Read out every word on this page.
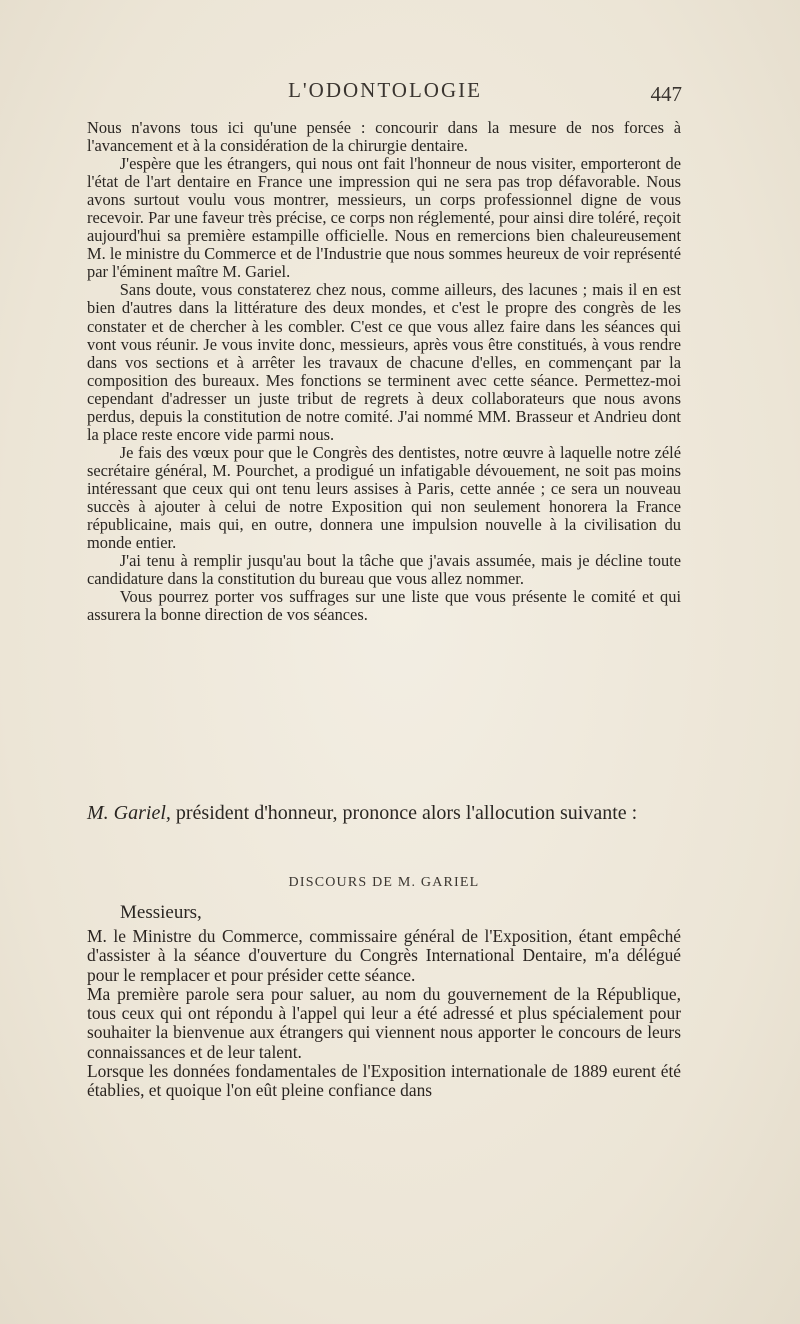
L'ODONTOLOGIE	447

Nous n'avons tous ici qu'une pensée : concourir dans la mesure de nos forces à l'avancement et à la considération de la chirurgie dentaire.

J'espère que les étrangers, qui nous ont fait l'honneur de nous visiter, emporteront de l'état de l'art dentaire en France une impression qui ne sera pas trop défavorable. Nous avons surtout voulu vous montrer, messieurs, un corps professionnel digne de vous recevoir. Par une faveur très précise, ce corps non réglementé, pour ainsi dire toléré, reçoit aujourd'hui sa première estampille officielle. Nous en remercions bien chaleureusement M. le ministre du Commerce et de l'Industrie que nous sommes heureux de voir représenté par l'éminent maître M. Gariel.

Sans doute, vous constaterez chez nous, comme ailleurs, des lacunes ; mais il en est bien d'autres dans la littérature des deux mondes, et c'est le propre des congrès de les constater et de chercher à les combler. C'est ce que vous allez faire dans les séances qui vont vous réunir. Je vous invite donc, messieurs, après vous être constitués, à vous rendre dans vos sections et à arrêter les travaux de chacune d'elles, en commençant par la composition des bureaux. Mes fonctions se terminent avec cette séance. Permettez-moi cependant d'adresser un juste tribut de regrets à deux collaborateurs que nous avons perdus, depuis la constitution de notre comité. J'ai nommé MM. Brasseur et Andrieu dont la place reste encore vide parmi nous.

Je fais des vœux pour que le Congrès des dentistes, notre œuvre à laquelle notre zélé secrétaire général, M. Pourchet, a prodigué un infatigable dévouement, ne soit pas moins intéressant que ceux qui ont tenu leurs assises à Paris, cette année ; ce sera un nouveau succès à ajouter à celui de notre Exposition qui non seulement honorera la France républicaine, mais qui, en outre, donnera une impulsion nouvelle à la civilisation du monde entier.

J'ai tenu à remplir jusqu'au bout la tâche que j'avais assumée, mais je décline toute candidature dans la constitution du bureau que vous allez nommer.

Vous pourrez porter vos suffrages sur une liste que vous présente le comité et qui assurera la bonne direction de vos séances.

M. Gariel, président d'honneur, prononce alors l'allocution suivante :

DISCOURS DE M. GARIEL
Messieurs,

M. le Ministre du Commerce, commissaire général de l'Exposition, étant empêché d'assister à la séance d'ouverture du Congrès International Dentaire, m'a délégué pour le remplacer et pour présider cette séance.

Ma première parole sera pour saluer, au nom du gouvernement de la République, tous ceux qui ont répondu à l'appel qui leur a été adressé et plus spécialement pour souhaiter la bienvenue aux étrangers qui viennent nous apporter le concours de leurs connaissances et de leur talent.

Lorsque les données fondamentales de l'Exposition internationale de 1889 eurent été établies, et quoique l'on eût pleine confiance dans
